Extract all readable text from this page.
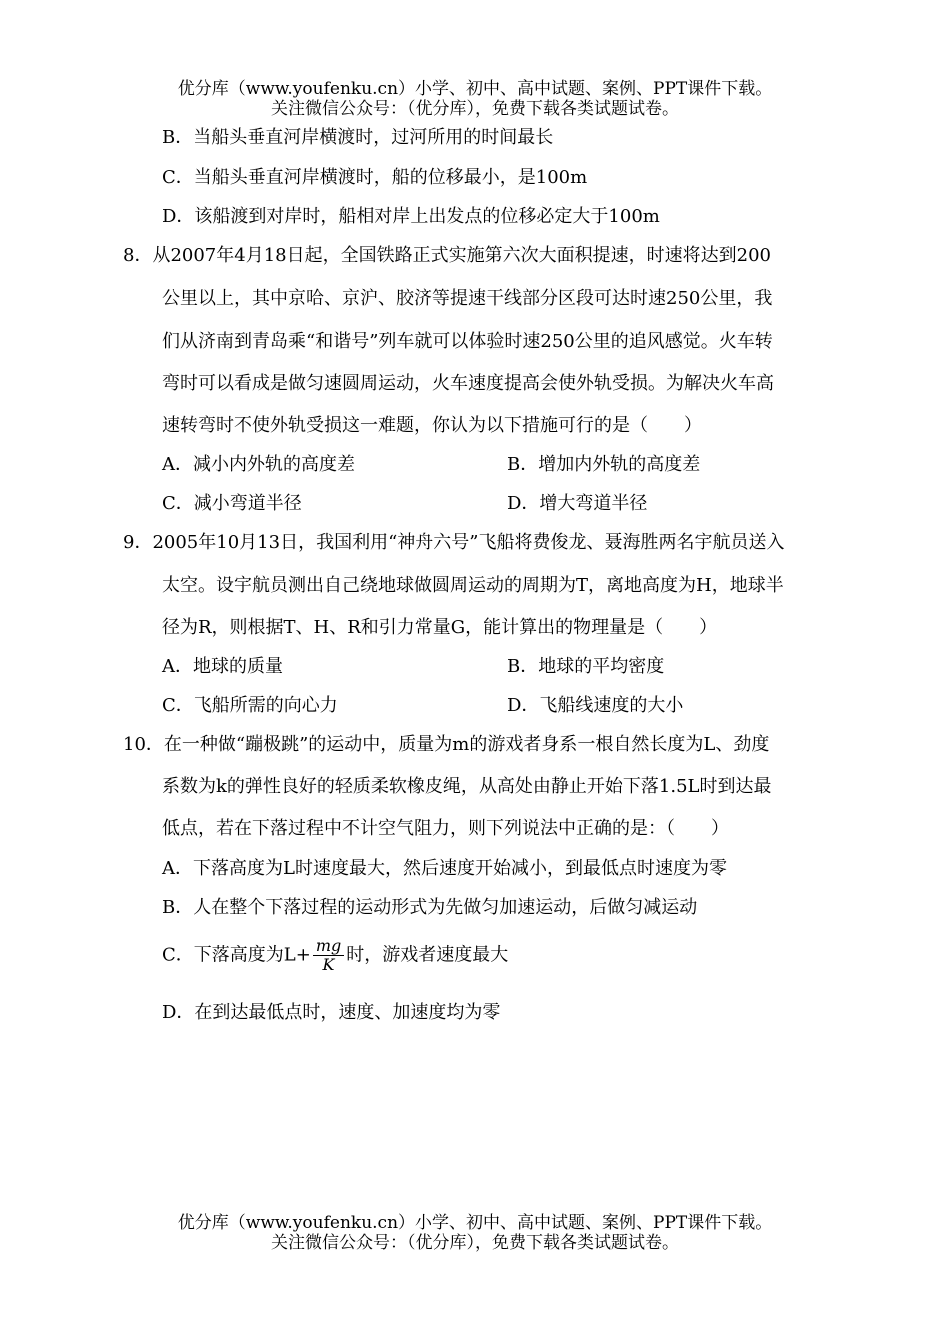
优分库（www.youfenku.cn）小学、初中、高中试题、案例、PPT课件下载。
关注微信公众号：（优分库），免费下载各类试题试卷。
B．当船头垂直河岸横渡时，过河所用的时间最长
C．当船头垂直河岸横渡时，船的位移最小，是100m
D．该船渡到对岸时，船相对岸上出发点的位移必定大于100m
8．从2007年4月18日起，全国铁路正式实施第六次大面积提速，时速将达到200
公里以上，其中京哈、京沪、胶济等提速干线部分区段可达时速250公里，我
们从济南到青岛乘“和谐号”列车就可以体验时速250公里的追风感觉。火车转
弯时可以看成是做匀速圆周运动，火车速度提高会使外轨受损。为解决火车高
速转弯时不使外轨受损这一难题，你认为以下措施可行的是（　　）
A．减小内外轨的高度差	B．增加内外轨的高度差
C．减小弯道半径	D．增大弯道半径
9．2005年10月13日，我国利用“神舟六号”飞船将费俊龙、聂海胜两名宇航员送入
太空。设宇航员测出自己绕地球做圆周运动的周期为T，离地高度为H，地球半
径为R，则根据T、H、R和引力常量G，能计算出的物理量是（　　）
A．地球的质量	B．地球的平均密度
C．飞船所需的向心力	D．飞船线速度的大小
10．在一种做“蹦极跳”的运动中，质量为m的游戏者身系一根自然长度为L、劲度
系数为k的弹性良好的轻质柔软橡皮绳，从高处由静止开始下落1.5L时到达最
低点，若在下落过程中不计空气阻力，则下列说法中正确的是：（　　）
A．下落高度为L时速度最大，然后速度开始减小，到最低点时速度为零
B．人在整个下落过程的运动形式为先做匀加速运动，后做匀减运动
C．下落高度为$L+ \frac{mg}{K}$ 时，游戏者速度最大
D．在到达最低点时，速度、加速度均为零
优分库（www.youfenku.cn）小学、初中、高中试题、案例、PPT课件下载。
关注微信公众号：（优分库），免费下载各类试题试卷。
